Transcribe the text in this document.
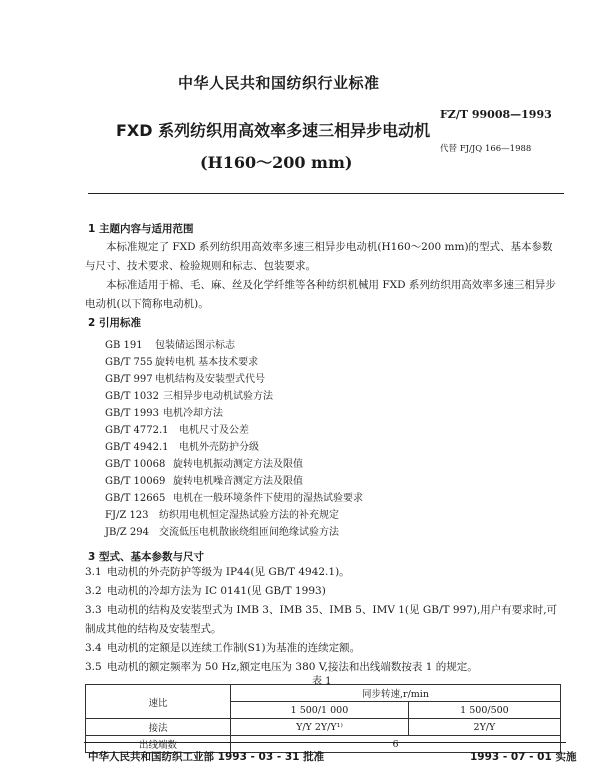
中华人民共和国纺织行业标准
FZ/T 99008—1993
FXD 系列纺织用高效率多速三相异步电动机
代替 FJ/JQ 166—1988
(H160～200 mm)
1 主题内容与适用范围
本标准规定了 FXD 系列纺织用高效率多速三相异步电动机(H160～200 mm)的型式、基本参数与尺寸、技术要求、检验规则和标志、包装要求。
本标准适用于棉、毛、麻、丝及化学纤维等各种纺织机械用 FXD 系列纺织用高效率多速三相异步电动机(以下简称电动机)。
2 引用标准
GB 191 包装储运图示标志
GB/T 755 旋转电机 基本技术要求
GB/T 997 电机结构及安装型式代号
GB/T 1032 三相异步电动机试验方法
GB/T 1993 电机冷却方法
GB/T 4772.1 电机尺寸及公差
GB/T 4942.1 电机外壳防护分级
GB/T 10068 旋转电机振动测定方法及限值
GB/T 10069 旋转电机噪音测定方法及限值
GB/T 12665 电机在一般环境条件下使用的湿热试验要求
FJ/Z 123 纺织用电机恒定湿热试验方法的补充规定
JB/Z 294 交流低压电机散嵌绕组匝间绝缘试验方法
3 型式、基本参数与尺寸
3.1 电动机的外壳防护等级为 IP44(见 GB/T 4942.1)。
3.2 电动机的冷却方法为 IC 0141(见 GB/T 1993)
3.3 电动机的结构及安装型式为 IMB 3、IMB 35、IMB 5、IMV 1(见 GB/T 997),用户有要求时,可制成其他的结构及安装型式。
3.4 电动机的定额是以连续工作制(S1)为基准的连续定额。
3.5 电动机的额定频率为 50 Hz,额定电压为 380 V,接法和出线端数按表 1 的规定。
表 1
速比	同步转速,r/min	
	1 500/1 000	1 500/500
接法	Y/Y 2Y/Y¹⁾	2Y/Y
出线端数	6	
中华人民共和国纺织工业部 1993 - 03 - 31 批准	1993 - 07 - 01 实施
